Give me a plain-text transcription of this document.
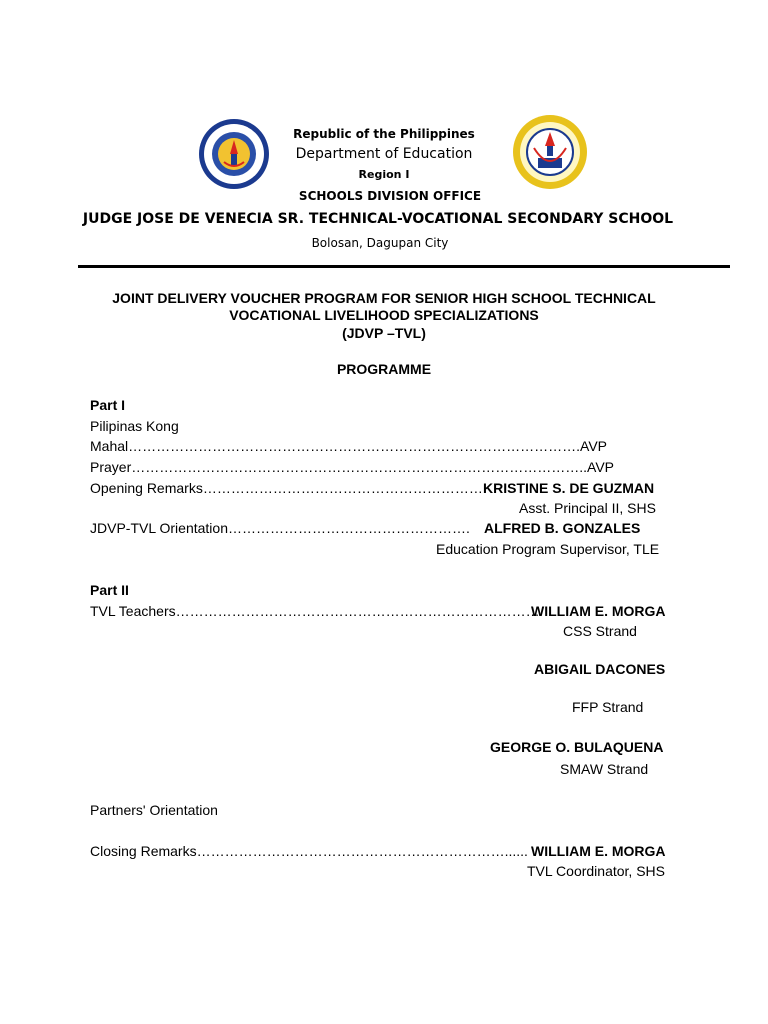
Republic of the Philippines
Department of Education
Region I
SCHOOLS DIVISION OFFICE
JUDGE JOSE DE VENECIA SR. TECHNICAL-VOCATIONAL SECONDARY SCHOOL
Bolosan, Dagupan City
JOINT DELIVERY VOUCHER PROGRAM FOR SENIOR HIGH SCHOOL TECHNICAL
VOCATIONAL LIVELIHOOD SPECIALIZATIONS
(JDVP –TVL)
PROGRAMME
Part I
Pilipinas Kong
Mahal…………………………………………………………………………………….AVP
Prayer……………………………………………………………………………………..AVP
Opening Remarks…………………………………………………… KRISTINE S. DE GUZMAN
Asst. Principal II, SHS
JDVP-TVL Orientation……………………………………………. ALFRED B. GONZALES
Education Program Supervisor, TLE
Part II
TVL Teachers……………………………………………………………………
WILLIAM E. MORGA
CSS Strand
ABIGAIL DACONES
FFP Strand
GEORGE O. BULAQUENA
SMAW Strand
Partners' Orientation
Closing Remarks…………………………………………………………...... WILLIAM E. MORGA
TVL Coordinator, SHS
